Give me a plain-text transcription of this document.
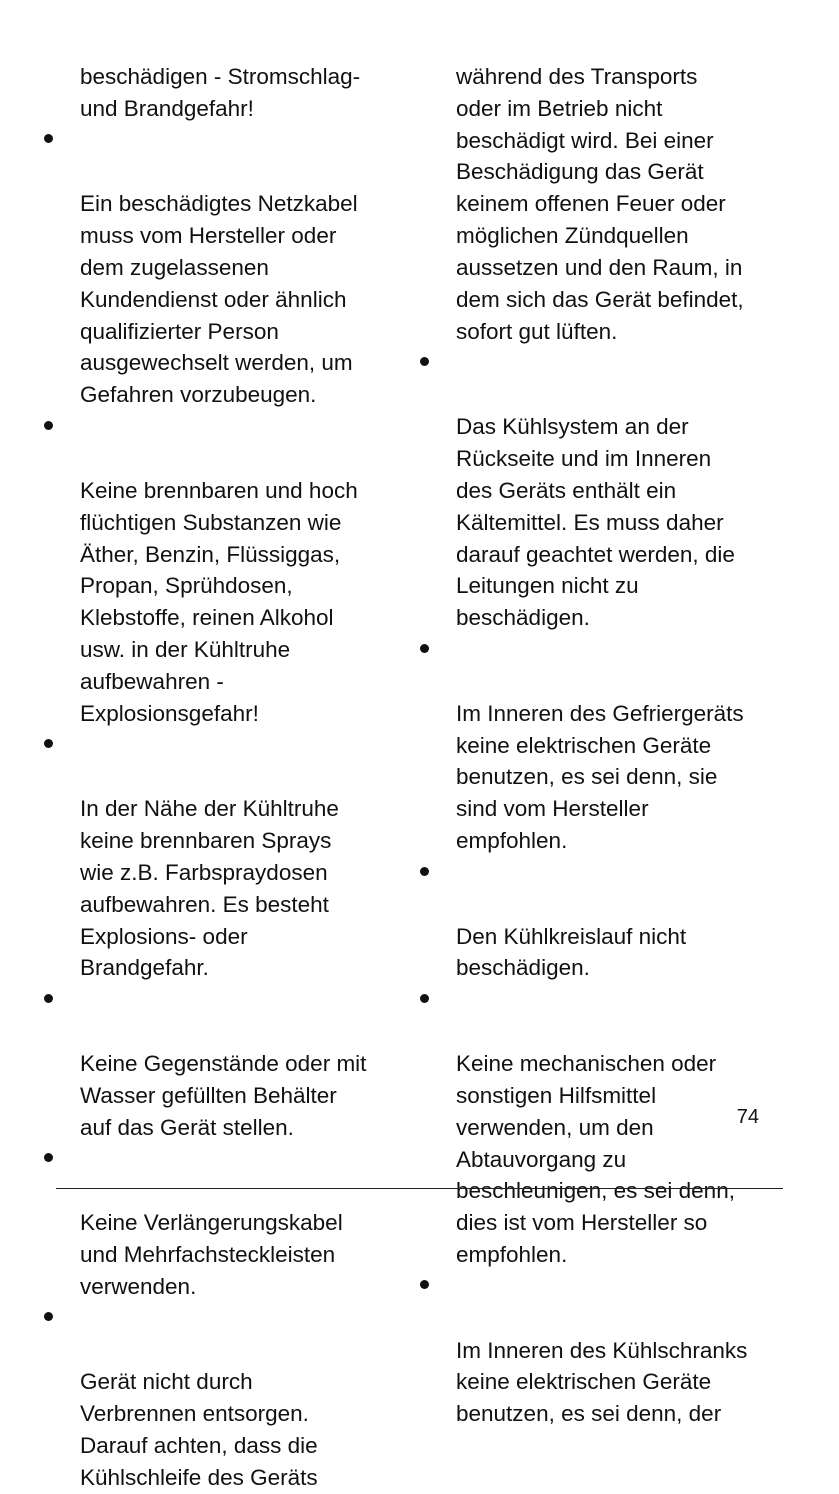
beschädigen - Stromschlag-
und Brandgefahr!

Ein beschädigtes Netzkabel
muss vom Hersteller oder
dem zugelassenen
Kundendienst oder ähnlich
qualifizierter Person
ausgewechselt werden, um
Gefahren vorzubeugen.

Keine brennbaren und hoch
flüchtigen Substanzen wie
Äther, Benzin, Flüssiggas,
Propan, Sprühdosen,
Klebstoffe, reinen Alkohol
usw. in der Kühltruhe
aufbewahren -
Explosionsgefahr!

In der Nähe der Kühltruhe
keine brennbaren Sprays
wie z.B. Farbspraydosen
aufbewahren. Es besteht
Explosions- oder
Brandgefahr.

Keine Gegenstände oder mit
Wasser gefüllten Behälter
auf das Gerät stellen.

Keine Verlängerungskabel
und Mehrfachsteckleisten
verwenden.

Gerät nicht durch
Verbrennen entsorgen.
Darauf achten, dass die
Kühlschleife des Geräts

während des Transports
oder im Betrieb nicht
beschädigt wird. Bei einer
Beschädigung das Gerät
keinem offenen Feuer oder
möglichen Zündquellen
aussetzen und den Raum, in
dem sich das Gerät befindet,
sofort gut lüften.

Das Kühlsystem an der
Rückseite und im Inneren
des Geräts enthält ein
Kältemittel. Es muss daher
darauf geachtet werden, die
Leitungen nicht zu
beschädigen.

Im Inneren des Gefriergeräts
keine elektrischen Geräte
benutzen, es sei denn, sie
sind vom Hersteller
empfohlen.

Den Kühlkreislauf nicht
beschädigen.

Keine mechanischen oder
sonstigen Hilfsmittel
verwenden, um den
Abtauvorgang zu
beschleunigen, es sei denn,
dies ist vom Hersteller so
empfohlen.

Im Inneren des Kühlschranks
keine elektrischen Geräte
benutzen, es sei denn, der

74
